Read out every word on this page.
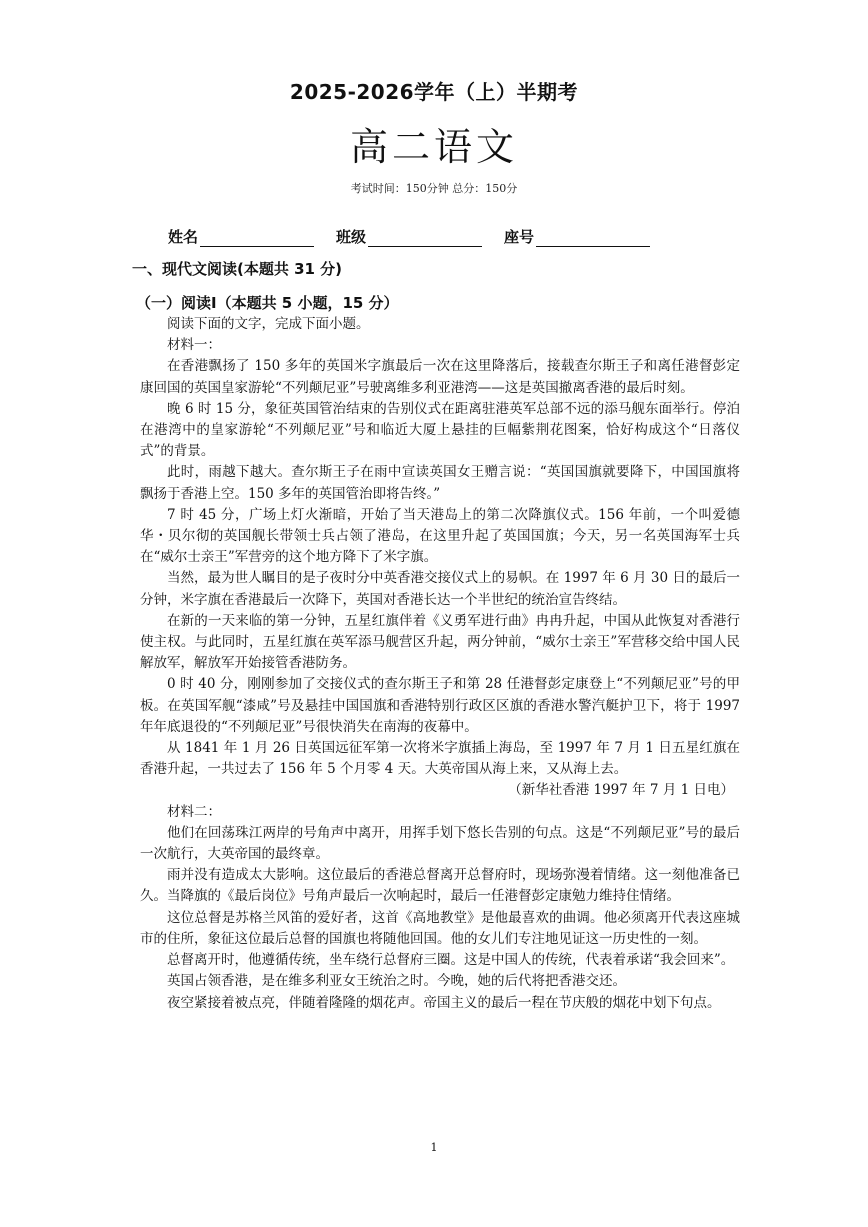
2025-2026学年（上）半期考
高二语文
考试时间：150分钟 总分：150分
姓名	班级	座号
一、现代文阅读(本题共 31 分)
（一）阅读Ⅰ（本题共 5 小题，15 分）

阅读下面的文字，完成下面小题。

材料一：

在香港飘扬了 150 多年的英国米字旗最后一次在这里降落后，接载查尔斯王子和离任港督彭定康回国的英国皇家游轮“不列颠尼亚”号驶离维多利亚港湾——这是英国撤离香港的最后时刻。

晚 6 时 15 分，象征英国管治结束的告别仪式在距离驻港英军总部不远的添马舰东面举行。停泊在港湾中的皇家游轮“不列颠尼亚”号和临近大厦上悬挂的巨幅紫荆花图案，恰好构成这个“日落仪式”的背景。

此时，雨越下越大。查尔斯王子在雨中宣读英国女王赠言说：“英国国旗就要降下，中国国旗将飘扬于香港上空。150 多年的英国管治即将告终。”

7 时 45 分，广场上灯火渐暗，开始了当天港岛上的第二次降旗仪式。156 年前，一个叫爱德华・贝尔彻的英国舰长带领士兵占领了港岛，在这里升起了英国国旗；今天，另一名英国海军士兵在“威尔士亲王”军营旁的这个地方降下了米字旗。

当然，最为世人瞩目的是子夜时分中英香港交接仪式上的易帜。在 1997 年 6 月 30 日的最后一分钟，米字旗在香港最后一次降下，英国对香港长达一个半世纪的统治宣告终结。

在新的一天来临的第一分钟，五星红旗伴着《义勇军进行曲》冉冉升起，中国从此恢复对香港行使主权。与此同时，五星红旗在英军添马舰营区升起，两分钟前，“威尔士亲王”军营移交给中国人民解放军，解放军开始接管香港防务。

0 时 40 分，刚刚参加了交接仪式的查尔斯王子和第 28 任港督彭定康登上“不列颠尼亚”号的甲板。在英国军舰“漆咸”号及悬挂中国国旗和香港特别行政区区旗的香港水警汽艇护卫下，将于 1997 年年底退役的“不列颠尼亚”号很快消失在南海的夜幕中。

从 1841 年 1 月 26 日英国远征军第一次将米字旗插上海岛，至 1997 年 7 月 1 日五星红旗在香港升起，一共过去了 156 年 5 个月零 4 天。大英帝国从海上来，又从海上去。

（新华社香港 1997 年 7 月 1 日电）

材料二：

他们在回荡珠江两岸的号角声中离开，用挥手划下悠长告别的句点。这是“不列颠尼亚”号的最后一次航行，大英帝国的最终章。

雨并没有造成太大影响。这位最后的香港总督离开总督府时，现场弥漫着情绪。这一刻他准备已久。当降旗的《最后岗位》号角声最后一次响起时，最后一任港督彭定康勉力维持住情绪。

这位总督是苏格兰风笛的爱好者，这首《高地教堂》是他最喜欢的曲调。他必须离开代表这座城市的住所，象征这位最后总督的国旗也将随他回国。他的女儿们专注地见证这一历史性的一刻。

总督离开时，他遵循传统，坐车绕行总督府三圈。这是中国人的传统，代表着承诺“我会回来”。

英国占领香港，是在维多利亚女王统治之时。今晚，她的后代将把香港交还。

夜空紧接着被点亮，伴随着隆隆的烟花声。帝国主义的最后一程在节庆般的烟花中划下句点。

1
